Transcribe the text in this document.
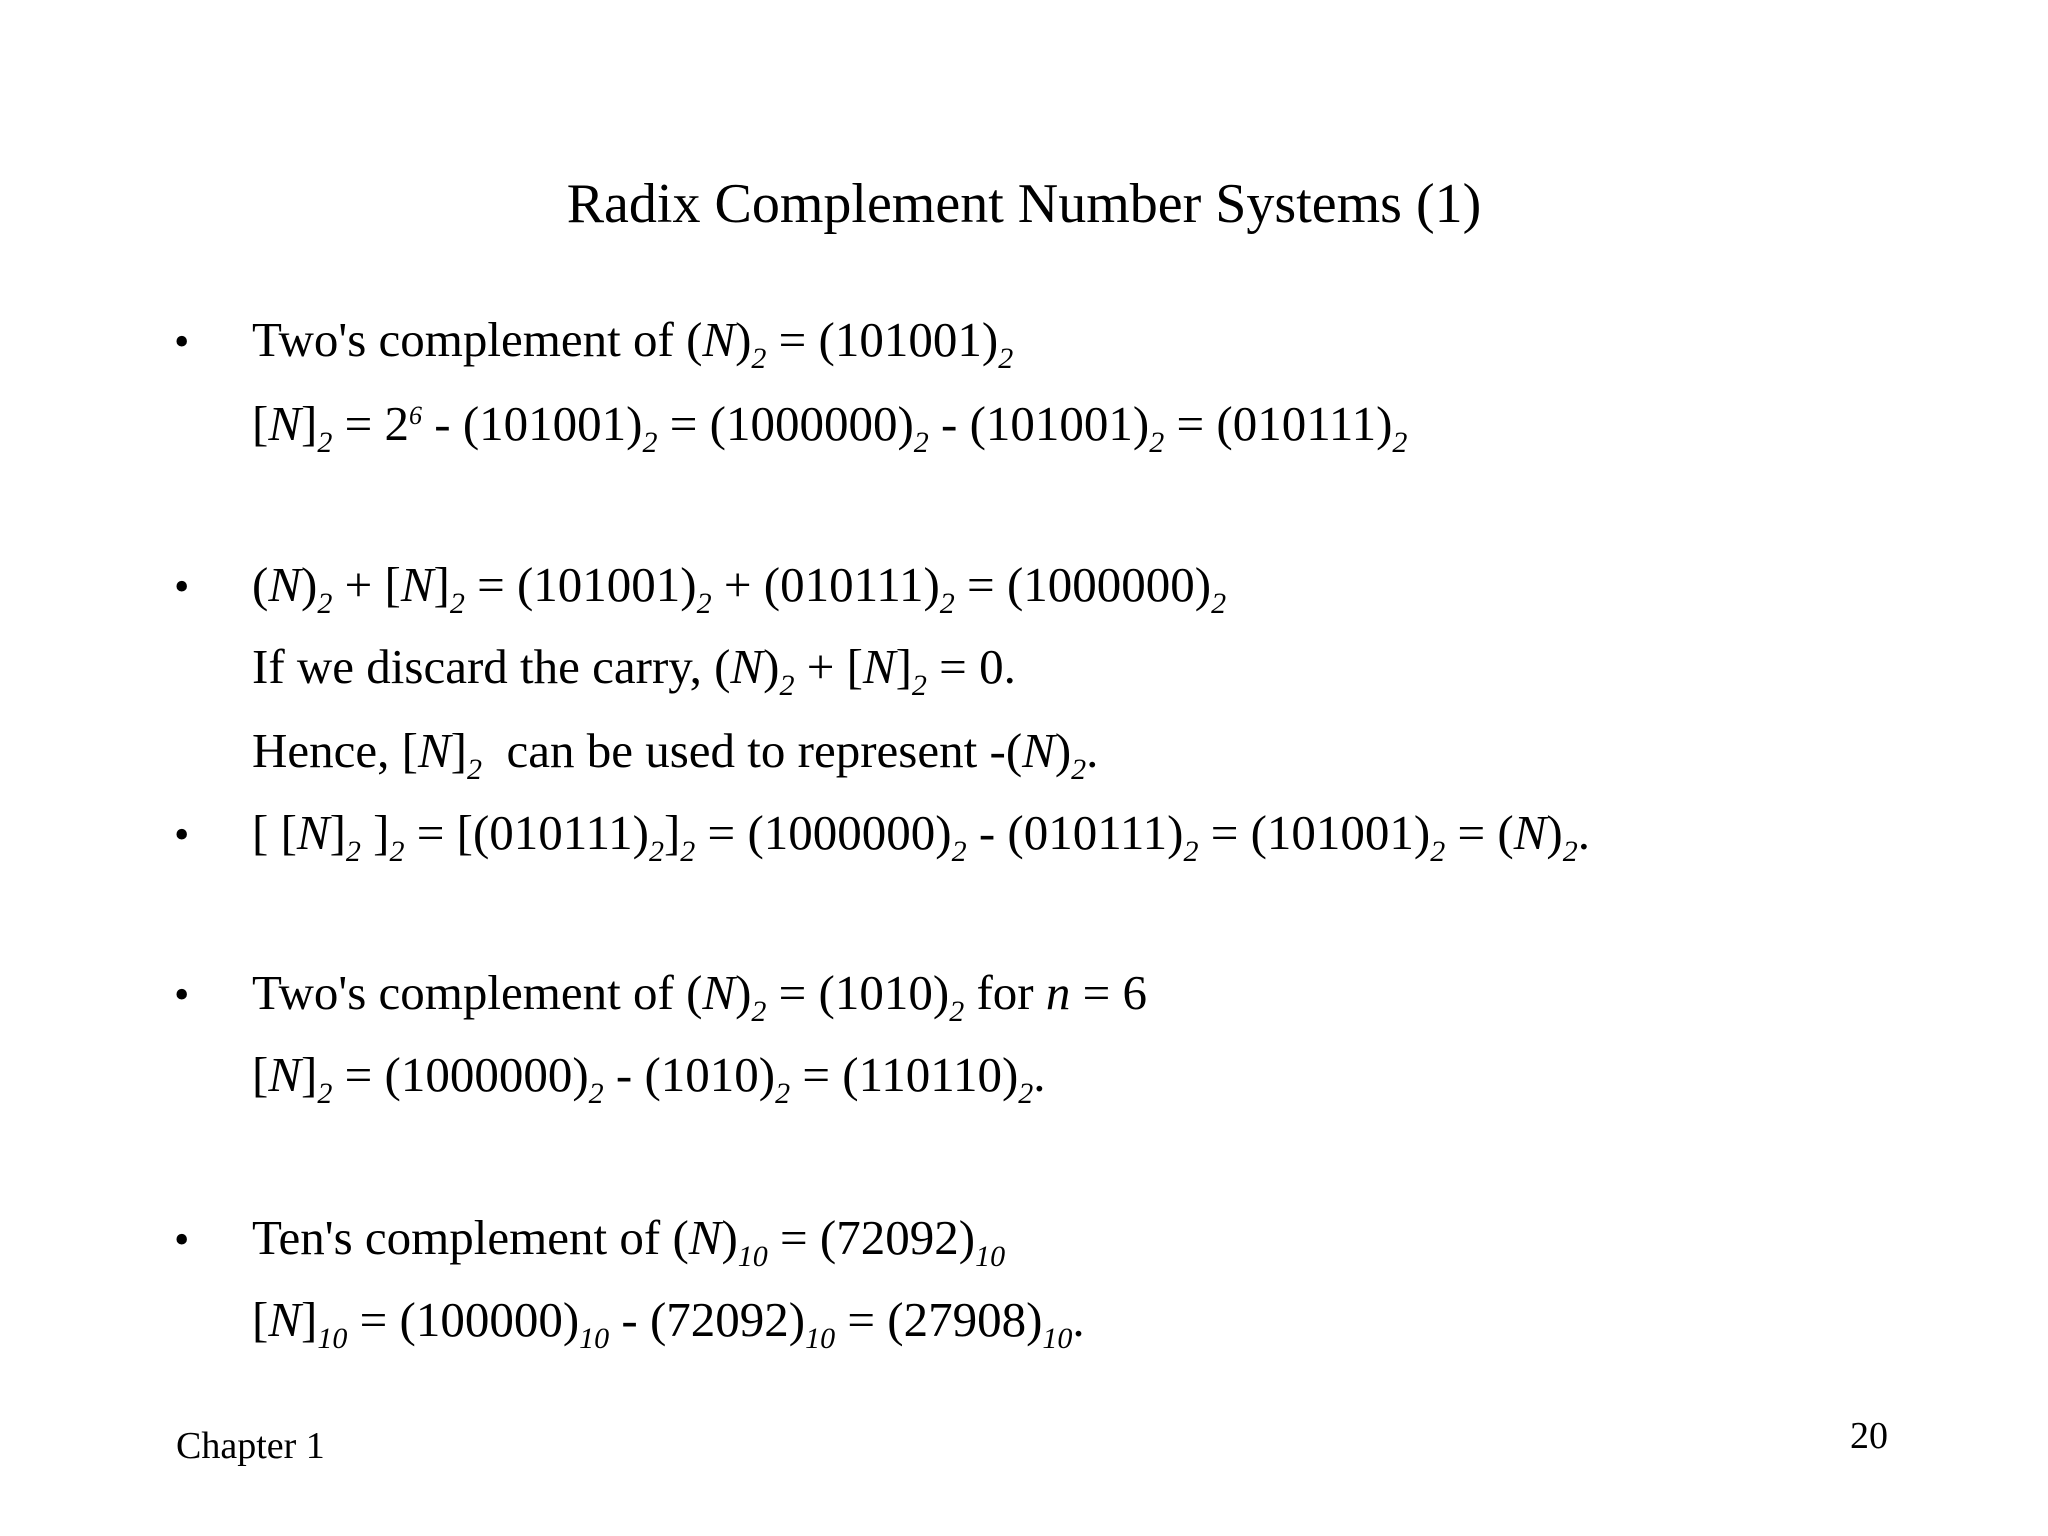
Radix Complement Number Systems (1)
• Two's complement of $(N)_2 = (101001)_2$
$[N]_2 = 2^6 - (101001)_2 = (1000000)_2 - (101001)_2 = (010111)_2$
• $(N)_2 + [N]_2 = (101001)_2 + (010111)_2 = (1000000)_2$
If we discard the carry, $(N)_2 + [N]_2 = 0$.
Hence, $[N]_2$ can be used to represent $-(N)_2$.
• [ $[N]_2$ ]$_2 = [(010111)_2]_2 = (1000000)_2 - (010111)_2 = (101001)_2 = (N)_2$.
• Two's complement of $(N)_2 = (1010)_2$ for n = 6
$[N]_2 = (1000000)_2 - (1010)_2 = (110110)_2$.
• Ten's complement of $(N)_{10} = (72092)_{10}$
$[N]_{10} = (100000)_{10} - (72092)_{10} = (27908)_{10}$.
Chapter 1	20
